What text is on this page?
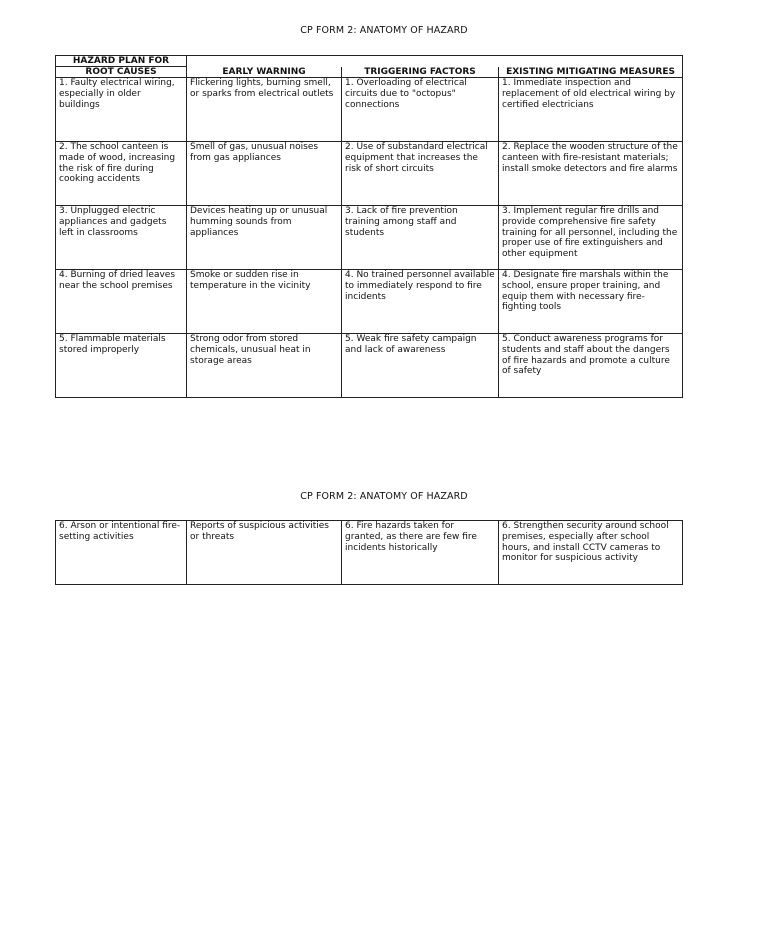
CP FORM 2: ANATOMY OF HAZARD
HAZARD PLAN FOR			
ROOT CAUSES	EARLY WARNING	TRIGGERING FACTORS	EXISTING MITIGATING MEASURES
1. Faulty electrical wiring, especially in older buildings	Flickering lights, burning smell, or sparks from electrical outlets	1. Overloading of electrical circuits due to "octopus" connections	1. Immediate inspection and replacement of old electrical wiring by certified electricians
2. The school canteen is made of wood, increasing the risk of fire during cooking accidents	Smell of gas, unusual noises from gas appliances	2. Use of substandard electrical equipment that increases the risk of short circuits	2. Replace the wooden structure of the canteen with fire-resistant materials; install smoke detectors and fire alarms
3. Unplugged electric appliances and gadgets left in classrooms	Devices heating up or unusual humming sounds from appliances	3. Lack of fire prevention training among staff and students	3. Implement regular fire drills and provide comprehensive fire safety training for all personnel, including the proper use of fire extinguishers and other equipment
4. Burning of dried leaves near the school premises	Smoke or sudden rise in temperature in the vicinity	4. No trained personnel available to immediately respond to fire incidents	4. Designate fire marshals within the school, ensure proper training, and equip them with necessary fire-fighting tools
5. Flammable materials stored improperly	Strong odor from stored chemicals, unusual heat in storage areas	5. Weak fire safety campaign and lack of awareness	5. Conduct awareness programs for students and staff about the dangers of fire hazards and promote a culture of safety
CP FORM 2: ANATOMY OF HAZARD
6. Arson or intentional fire-setting activities	Reports of suspicious activities or threats	6. Fire hazards taken for granted, as there are few fire incidents historically	6. Strengthen security around school premises, especially after school hours, and install CCTV cameras to monitor for suspicious activity
